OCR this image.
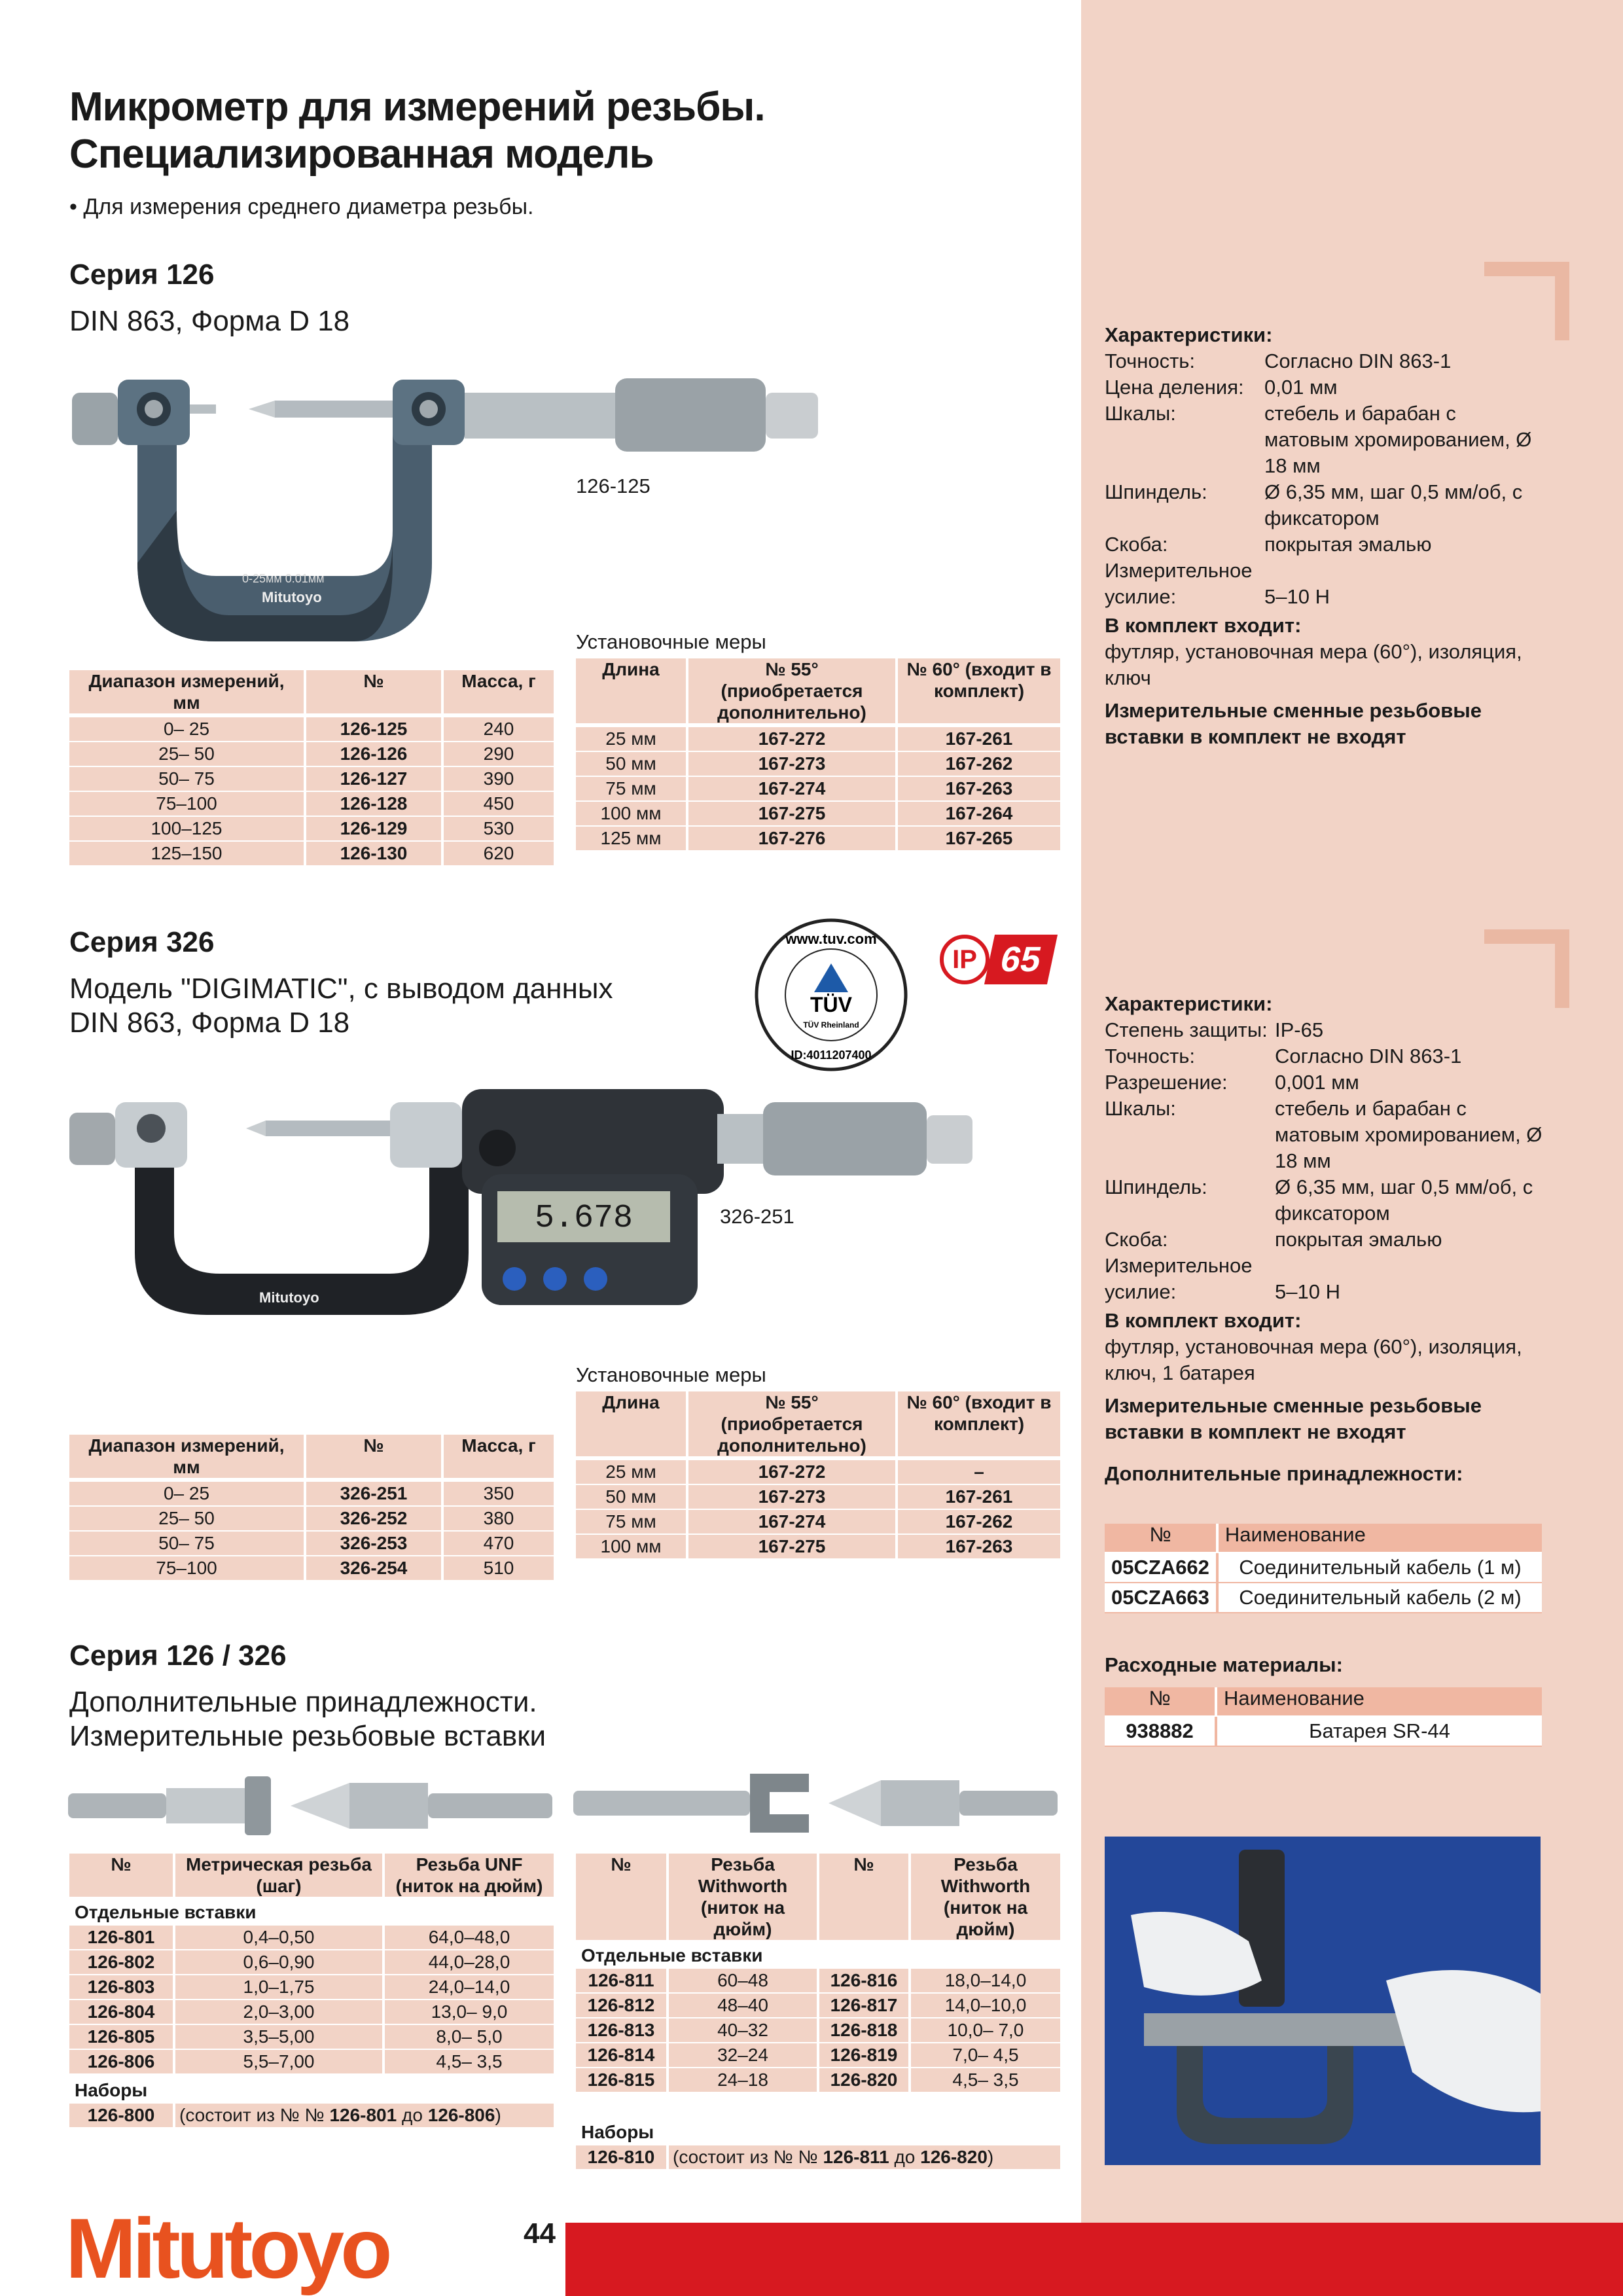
Микрометр для измерений резьбы.
Специализированная модель
• Для измерения среднего диаметра резьбы.
Серия 126
DIN 863, Форма D 18
0-25мм 0.01мм
Mitutoyo
126-125
Установочные меры
Диапазон измерений, мм	№	Масса, г
0– 25	126-125	240
25– 50	126-126	290
50– 75	126-127	390
75–100	126-128	450
100–125	126-129	530
125–150	126-130	620
Длина	№ 55° (приобретается дополнительно)	№ 60° (входит в комплект)
25 мм	167-272	167-261
50 мм	167-273	167-262
75 мм	167-274	167-263
100 мм	167-275	167-264
125 мм	167-276	167-265
Характеристики:
Точность:	Согласно DIN 863-1
Цена деления:	0,01 мм
Шкалы:	стебель и барабан с матовым хромированием, Ø 18 мм
Шпиндель:	Ø 6,35 мм, шаг 0,5 мм/об, с фиксатором
Скоба:	покрытая эмалью
Измерительное усилие:	5–10 Н
В комплект входит:
футляр, установочная мера (60°), изоляция, ключ
Измерительные сменные резьбовые вставки в комплект не входят
Серия 326
Модель "DIGIMATIC", с выводом данных
DIN 863, Форма D 18
www.tuv.com
TÜV
TÜV Rheinland
ID:4011207400
IP 65
5.678
Mitutoyo
326-251
Установочные меры
Диапазон измерений, мм	№	Масса, г
0– 25	326-251	350
25– 50	326-252	380
50– 75	326-253	470
75–100	326-254	510
Длина	№ 55° (приобретается дополнительно)	№ 60° (входит в комплект)
25 мм	167-272	–
50 мм	167-273	167-261
75 мм	167-274	167-262
100 мм	167-275	167-263
Характеристики:
Степень защиты: IP-65
Точность:	Согласно DIN 863-1
Разрешение:	0,001 мм
Шкалы:	стебель и барабан с матовым хромированием, Ø 18 мм
Шпиндель:	Ø 6,35 мм, шаг 0,5 мм/об, с фиксатором
Скоба:	покрытая эмалью
Измерительное усилие:	5–10 Н
В комплект входит:
футляр, установочная мера (60°), изоляция, ключ, 1 батарея
Измерительные сменные резьбовые вставки в комплект не входят
Дополнительные принадлежности:
№	Наименование
05CZA662	Соединительный кабель (1 м)
05CZA663	Соединительный кабель (2 м)
Расходные материалы:
№	Наименование
938882	Батарея SR-44
Серия 126 / 326
Дополнительные принадлежности.
Измерительные резьбовые вставки
№	Метрическая резьба (шаг)	Резьба UNF (ниток на дюйм)
Отдельные вставки		
126-801	0,4–0,50	64,0–48,0
126-802	0,6–0,90	44,0–28,0
126-803	1,0–1,75	24,0–14,0
126-804	2,0–3,00	13,0– 9,0
126-805	3,5–5,00	8,0– 5,0
126-806	5,5–7,00	4,5– 3,5
Наборы		
126-800	(состоит из № № 126-801 до 126-806)	
№	Резьба Withworth (ниток на дюйм)	№	Резьба Withworth (ниток на дюйм)
Отдельные вставки			
126-811	60–48	126-816	18,0–14,0
126-812	48–40	126-817	14,0–10,0
126-813	40–32	126-818	10,0– 7,0
126-814	32–24	126-819	7,0– 4,5
126-815	24–18	126-820	4,5– 3,5
Наборы			
126-810	(состоит из № № 126-811 до 126-820)		
Mitutoyo	44
